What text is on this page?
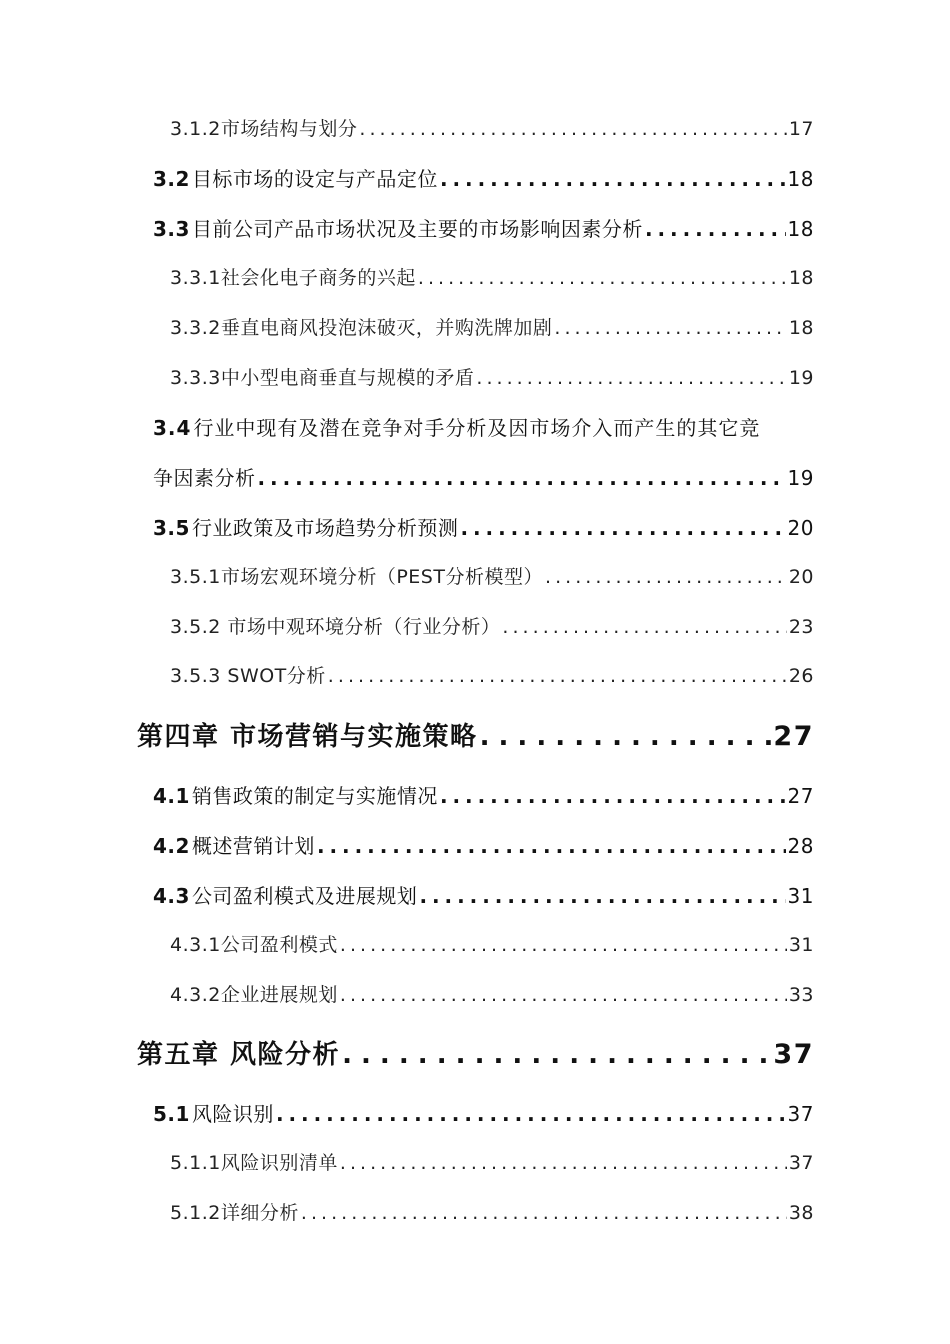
3.1.2市场结构与划分 . . .	17
3.2 目标市场的设定与产品定位 . . .	18
3.3 目前公司产品市场状况及主要的市场影响因素分析 . . .	18
3.3.1社会化电子商务的兴起 . . .	18
3.3.2垂直电商风投泡沫破灭，并购洗牌加剧 . . .	18
3.3.3中小型电商垂直与规模的矛盾 . . .	19
3.4 行业中现有及潜在竞争对手分析及因市场介入而产生的其它竞
争因素分析 . . .	19
3.5 行业政策及市场趋势分析预测 . . .	20
3.5.1市场宏观环境分析（PEST分析模型） . . .	20
3.5.2 市场中观环境分析（行业分析） . . .	23
3.5.3 SWOT分析 . . .	26
第四章 市场营销与实施策略 . . .	27
4.1 销售政策的制定与实施情况 . . .	27
4.2 概述营销计划 . . .	28
4.3 公司盈利模式及进展规划 . . .	31
4.3.1公司盈利模式 . . .	31
4.3.2企业进展规划 . . .	33
第五章 风险分析 . . .	37
5.1 风险识别 . . .	37
5.1.1风险识别清单 . . .	37
5.1.2详细分析 . . .	38
